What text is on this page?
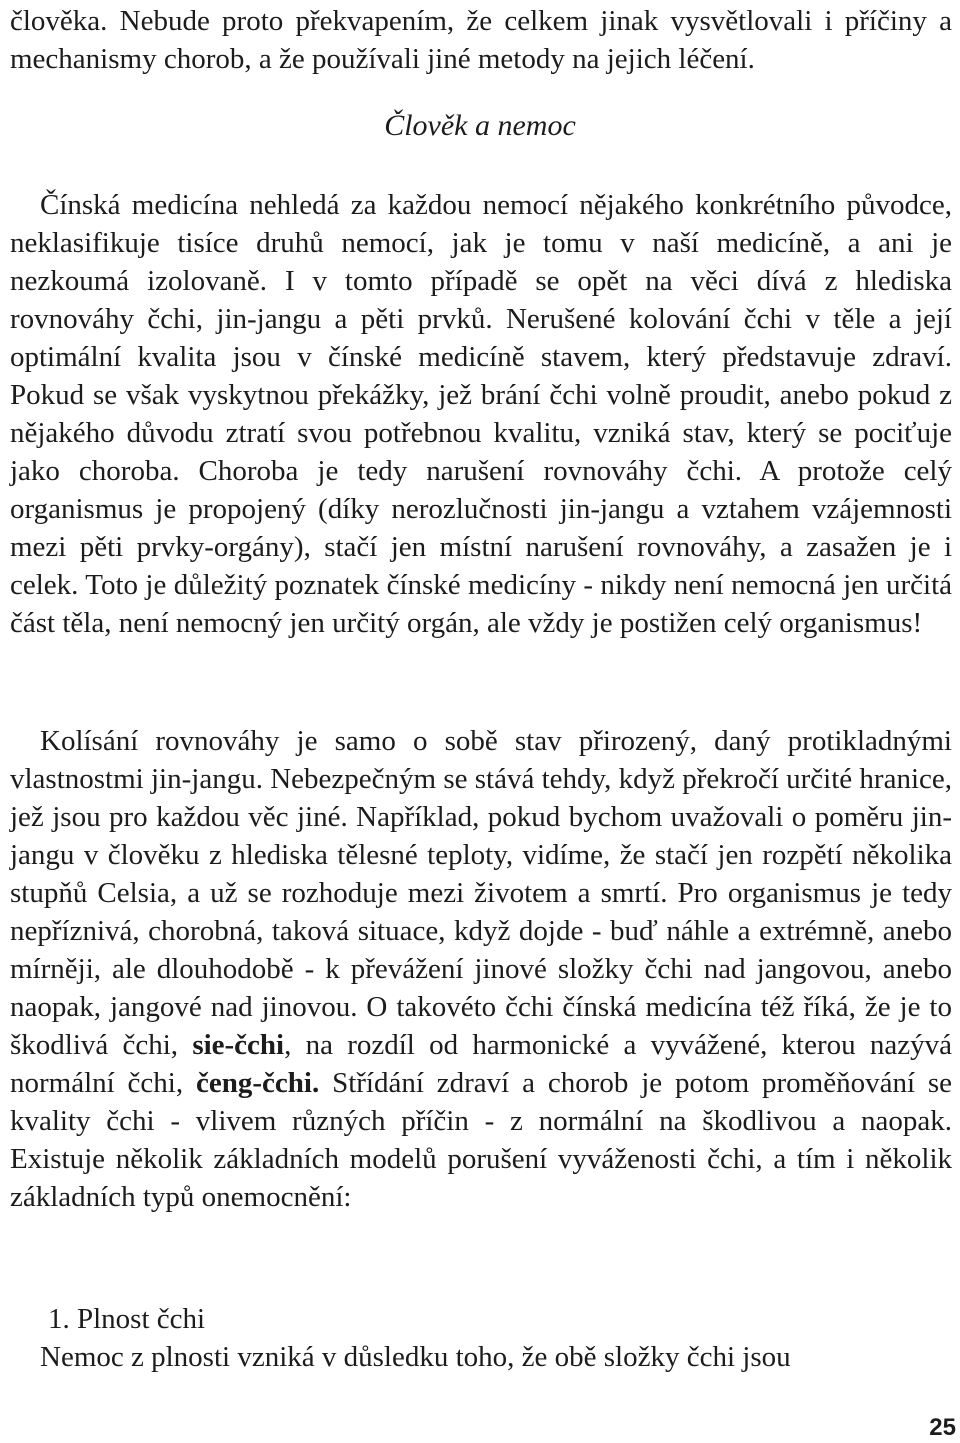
člověka. Nebude proto překvapením, že celkem jinak vysvětlovali i příčiny a mechanismy chorob, a že používali jiné metody na jejich léčení.

Člověk a nemoc

Čínská medicína nehledá za každou nemocí nějakého konkrétního původce, neklasifikuje tisíce druhů nemocí, jak je tomu v naší medicíně, a ani je nezkoumá izolovaně. I v tomto případě se opět na věci dívá z hlediska rovnováhy čchi, jin-jangu a pěti prvků. Nerušené kolování čchi v těle a její optimální kvalita jsou v čínské medicíně stavem, který představuje zdraví. Pokud se však vyskytnou překážky, jež brání čchi volně proudit, anebo pokud z nějakého důvodu ztratí svou potřebnou kvalitu, vzniká stav, který se pociťuje jako choroba. Choroba je tedy narušení rovnováhy čchi. A protože celý organismus je propojený (díky nerozlučnosti jin-jangu a vztahem vzájemnosti mezi pěti prvky-orgány), stačí jen místní narušení rovnováhy, a zasažen je i celek. Toto je důležitý poznatek čínské medicíny - nikdy není nemocná jen určitá část těla, není nemocný jen určitý orgán, ale vždy je postižen celý organismus!

Kolísání rovnováhy je samo o sobě stav přirozený, daný protikladnými vlastnostmi jin-jangu. Nebezpečným se stává tehdy, když překročí určité hranice, jež jsou pro každou věc jiné. Například, pokud bychom uvažovali o poměru jin-jangu v člověku z hlediska tělesné teploty, vidíme, že stačí jen rozpětí několika stupňů Celsia, a už se rozhoduje mezi životem a smrtí. Pro organismus je tedy nepříznivá, chorobná, taková situace, když dojde - buď náhle a extrémně, anebo mírněji, ale dlouhodobě - k převážení jinové složky čchi nad jangovou, anebo naopak, jangové nad jinovou. O takovéto čchi čínská medicína též říká, že je to škodlivá čchi, sie-čchi, na rozdíl od harmonické a vyvážené, kterou nazývá normální čchi, čeng-čchi. Střídání zdraví a chorob je potom proměňování se kvality čchi - vlivem různých příčin - z normální na škodlivou a naopak. Existuje několik základních modelů porušení vyváženosti čchi, a tím i několik základních typů onemocnění:

1. Plnost čchi

Nemoc z plnosti vzniká v důsledku toho, že obě složky čchi jsou

25
